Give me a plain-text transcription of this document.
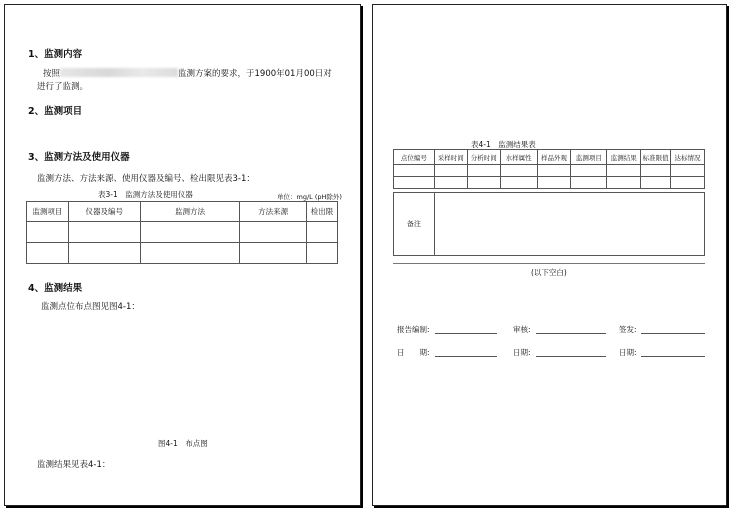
1、监测内容
按照	监测方案的要求，于1900年01月00日对
进行了监测。
2、监测项目
3、监测方法及使用仪器
监测方法、方法来源、使用仪器及编号、检出限见表3-1：
表3-1　监测方法及使用仪器	单位：mg/L (pH除外)
监测项目	仪器及编号	监测方法	方法来源	检出限

4、监测结果
监测点位布点图见图4-1：
图4-1　布点图
监测结果见表4-1：
表4-1　监测结果表
点位编号	采样时间	分析时间	水样属性	样品外观	监测项目	监测结果	标准限值	达标情况

备注								
(以下空白)
报告编制:	审核:	签发:
日　　期:	日期:	日期:
